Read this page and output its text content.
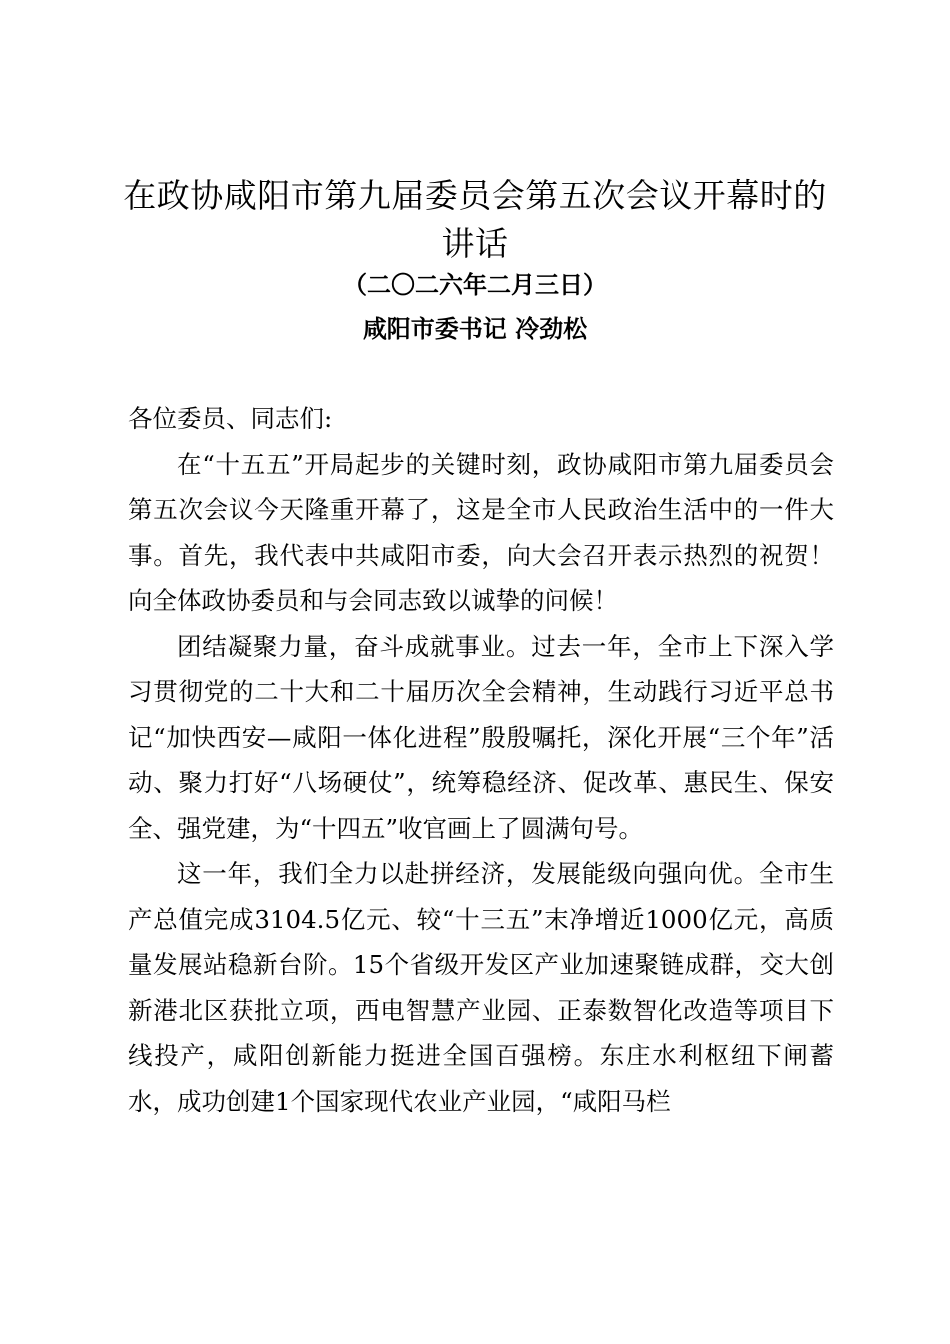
在政协咸阳市第九届委员会第五次会议开幕时的讲话
（二〇二六年二月三日）
咸阳市委书记 冷劲松

各位委员、同志们:

在“十五五”开局起步的关键时刻，政协咸阳市第九届委员会第五次会议今天隆重开幕了，这是全市人民政治生活中的一件大事。首先，我代表中共咸阳市委，向大会召开表示热烈的祝贺！向全体政协委员和与会同志致以诚挚的问候！

团结凝聚力量，奋斗成就事业。过去一年，全市上下深入学习贯彻党的二十大和二十届历次全会精神，生动践行习近平总书记“加快西安—咸阳一体化进程”殷殷嘱托，深化开展“三个年”活动、聚力打好“八场硬仗”，统筹稳经济、促改革、惠民生、保安全、强党建，为“十四五”收官画上了圆满句号。

这一年，我们全力以赴拼经济，发展能级向强向优。全市生产总值完成3104.5亿元、较“十三五”末净增近1000亿元，高质量发展站稳新台阶。15个省级开发区产业加速聚链成群，交大创新港北区获批立项，西电智慧产业园、正泰数智化改造等项目下线投产，咸阳创新能力挺进全国百强榜。东庄水利枢纽下闸蓄水，成功创建1个国家现代农业产业园，“咸阳马栏
